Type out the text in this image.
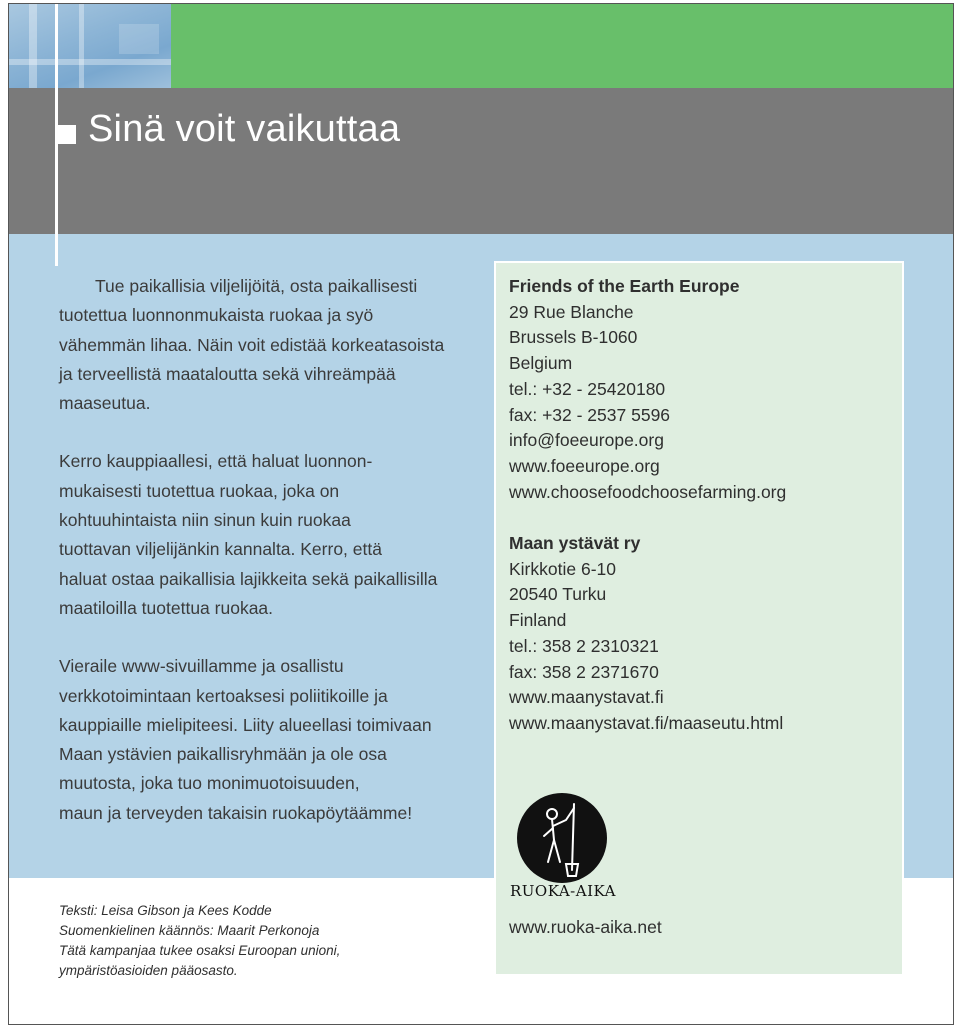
Sinä voit vaikuttaa

Tue paikallisia viljelijöitä, osta paikallisesti
tuotettua luonnonmukaista ruokaa ja syö
vähemmän lihaa. Näin voit edistää korkeatasoista
ja terveellistä maataloutta sekä vihreämpää
maaseutua.

Kerro kauppiaallesi, että haluat luonnon-
mukaisesti tuotettua ruokaa, joka on
kohtuuhintaista niin sinun kuin ruokaa
tuottavan viljelijänkin kannalta. Kerro, että
haluat ostaa paikallisia lajikkeita sekä paikallisilla
maatiloilla tuotettua ruokaa.

Vieraile www-sivuillamme ja osallistu
verkkotoimintaan kertoaksesi poliitikoille ja
kauppiaille mielipiteesi. Liity alueellasi toimivaan
Maan ystävien paikallisryhmään ja ole osa
muutosta, joka tuo monimuotoisuuden,
maun ja terveyden takaisin ruokapöytäämme!

Friends of the Earth Europe
29 Rue Blanche
Brussels B-1060
Belgium
tel.: +32 - 25420180
fax: +32 - 2537 5596
info@foeeurope.org
www.foeeurope.org
www.choosefoodchoosefarming.org
Maan ystävät ry
Kirkkotie 6-10
20540 Turku
Finland
tel.: 358 2 2310321
fax: 358 2 2371670
www.maanystavat.fi
www.maanystavat.fi/maaseutu.html
RUOKA-AIKA
Teksti: Leisa Gibson ja Kees Kodde
Suomenkielinen käännös: Maarit Perkonoja
Tätä kampanjaa tukee osaksi Euroopan unioni,
ympäristöasioiden pääosasto.
www.ruoka-aika.net
